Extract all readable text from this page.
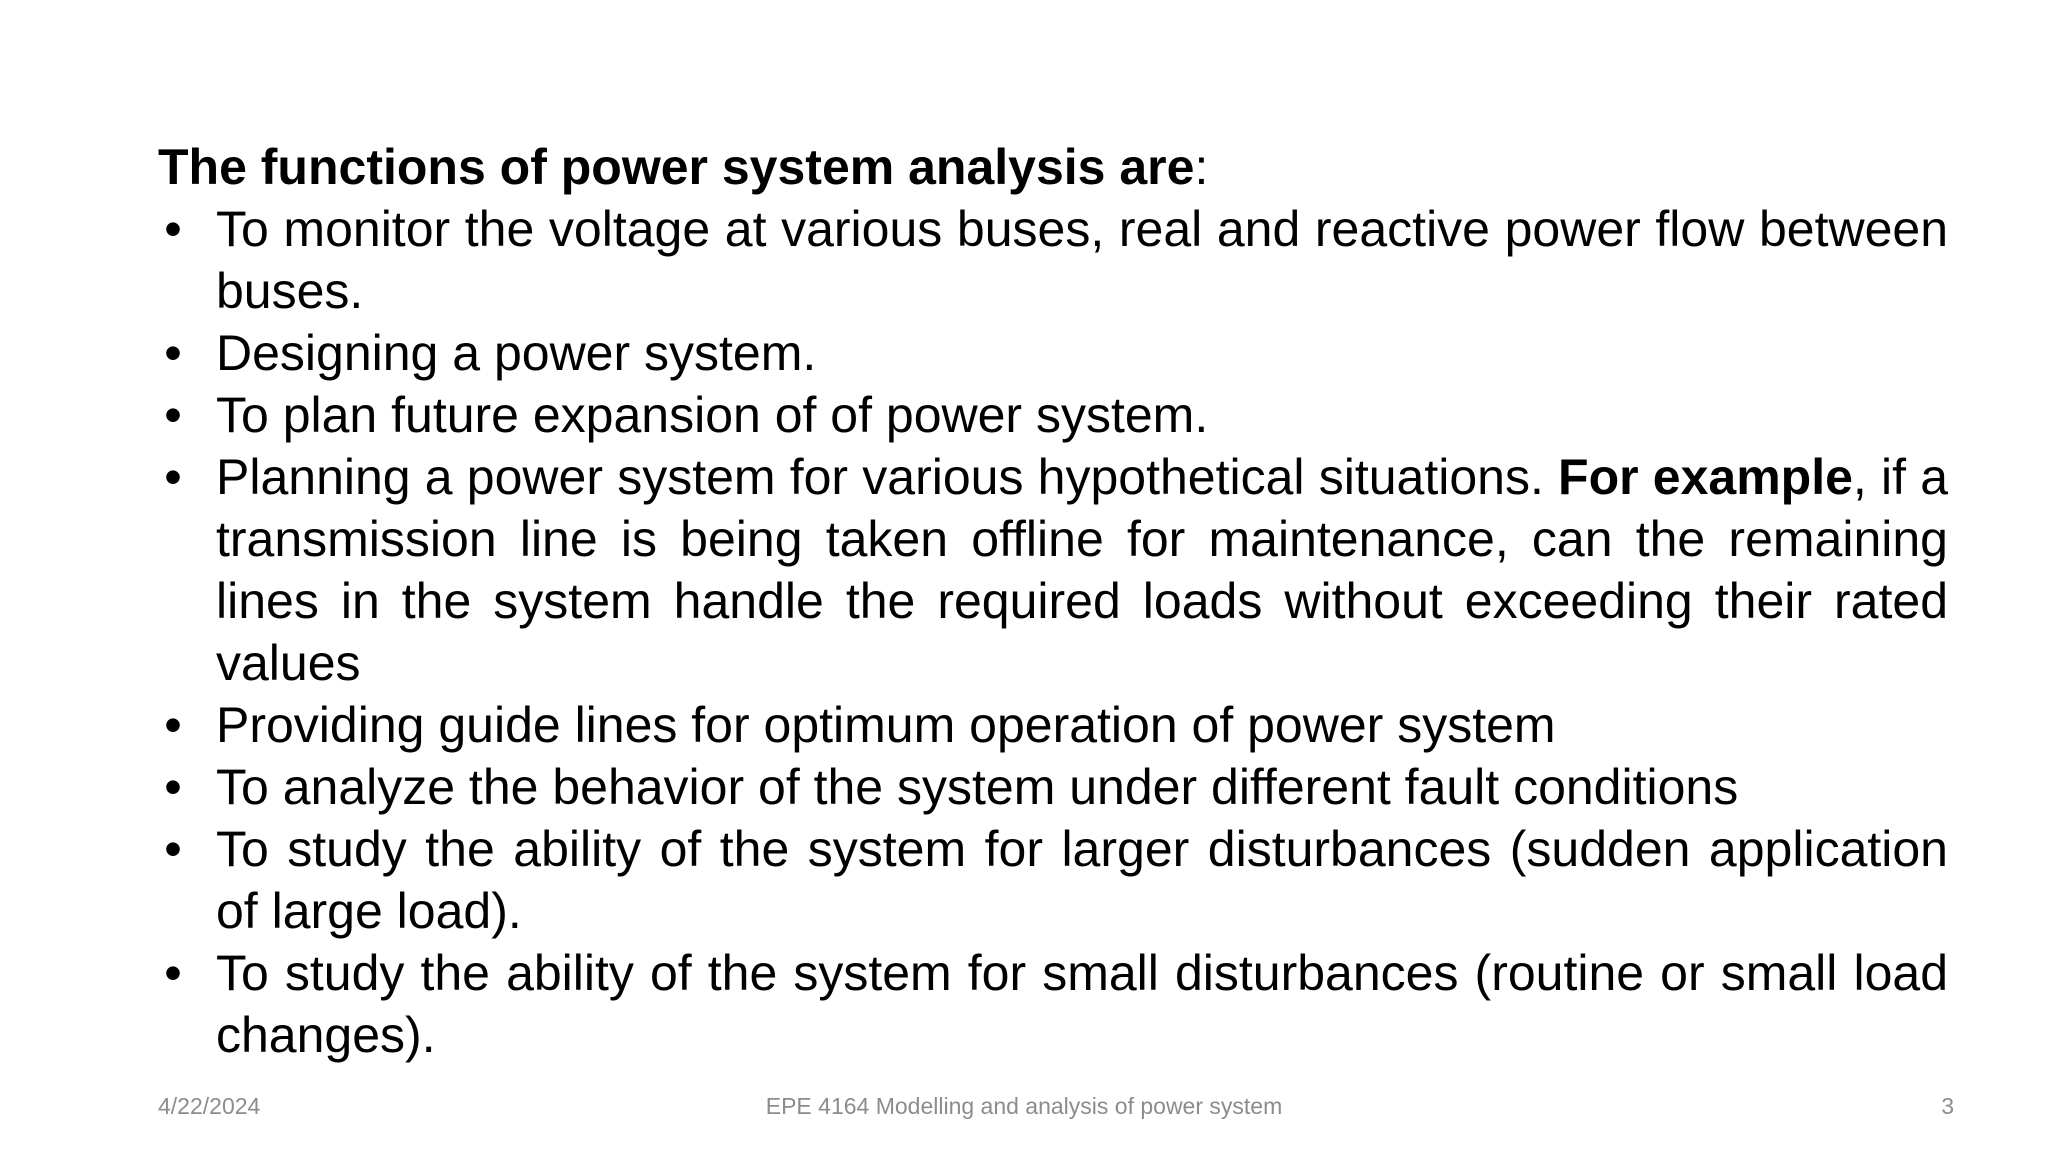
The functions of power system analysis are:

• To monitor the voltage at various buses, real and reactive power flow between buses.
• Designing a power system.
• To plan future expansion of of power system.
• Planning a power system for various hypothetical situations. For example, if a transmission line is being taken offline for maintenance, can the remaining lines in the system handle the required loads without exceeding their rated values
• Providing guide lines for optimum operation of power system
• To analyze the behavior of the system under different fault conditions
• To study the ability of the system for larger disturbances (sudden application of large load).
• To study the ability of the system for small disturbances (routine or small load changes).
4/22/2024	EPE 4164 Modelling and analysis of power system	3
